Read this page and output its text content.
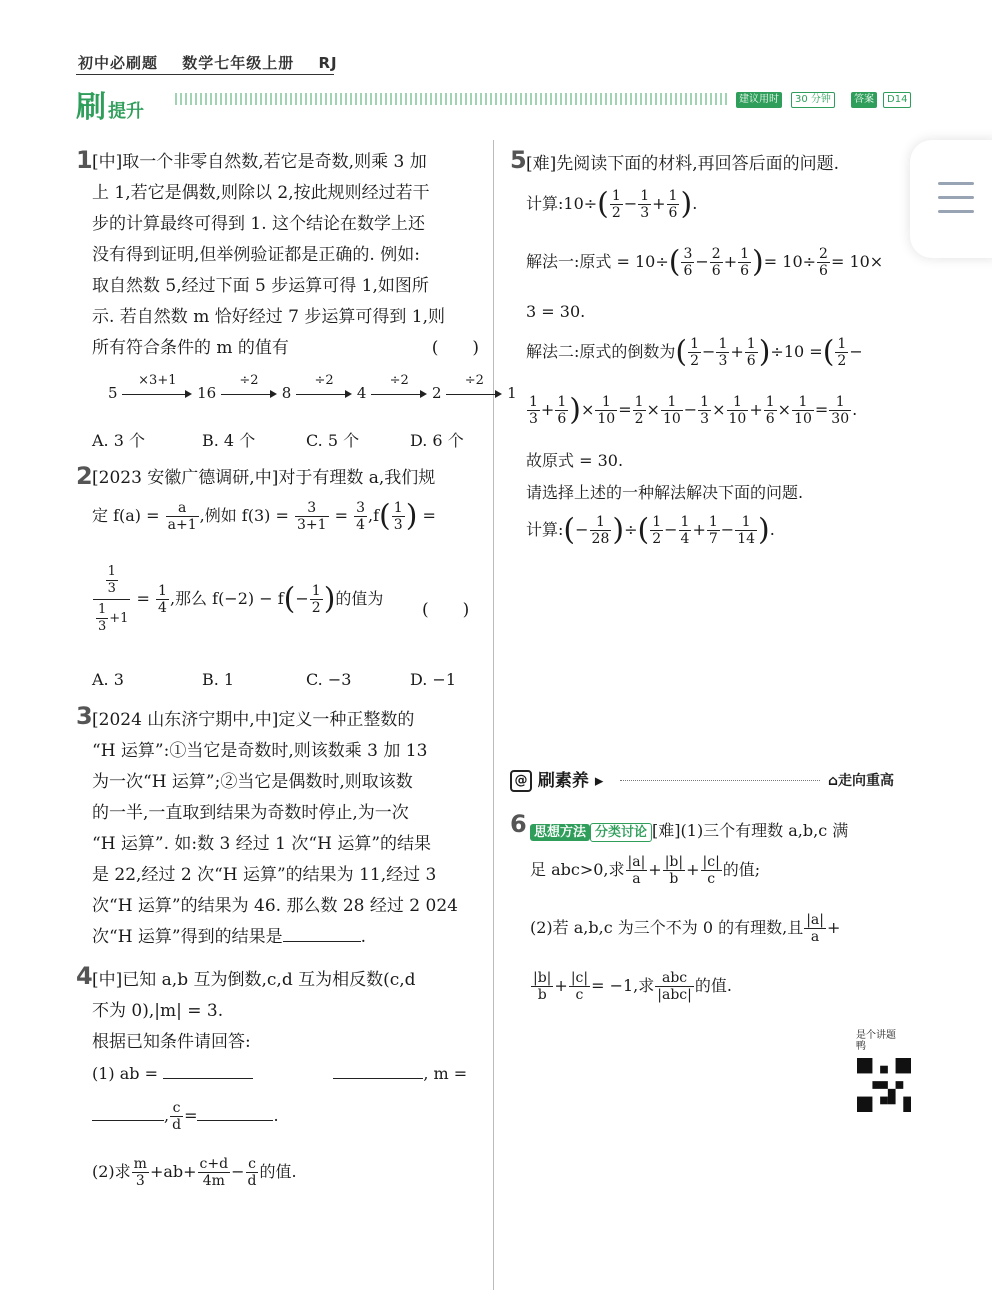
初中必刷题 数学七年级上册 RJ
刷提升
建议用时	30 分钟	答案	D14
1 [中]取一个非零自然数,若它是奇数,则乘 3 加
上 1,若它是偶数,则除以 2,按此规则经过若干
步的计算最终可得到 1. 这个结论在数学上还
没有得到证明,但举例验证都是正确的. 例如:
取自然数 5,经过下面 5 步运算可得 1,如图所
示. 若自然数 m 恰好经过 7 步运算可得到 1,则
所有符合条件的 m 的值有	(　　)
5
×3+1
16
÷2
8
÷2
4
÷2
2
÷2
1
A. 3 个	B. 4 个	C. 5 个	D. 6 个
2 [2023 安徽广德调研,中]对于有理数 a,我们规
定 $f(a) = \frac{a}{a+1}$ ,例如 $f(3) = \frac{3}{3+1} = \frac{3}{4} ,f( \frac{1}{3}$ ) =
$\frac{\frac{1}{3}}{\frac{1}{3} +1} = \frac{1}{4}$ ,那么 $f(-2) - f(- \frac{1}{2}$ )的值为
(　　)
A. 3	B. 1	C. −3	D. −1
3 [2024 山东济宁期中,中]定义一种正整数的
“H 运算”:①当它是奇数时,则该数乘 3 加 13
为一次“H 运算”;②当它是偶数时,则取该数
的一半,一直取到结果为奇数时停止,为一次
“H 运算”. 如:数 3 经过 1 次“H 运算”的结果
是 22,经过 2 次“H 运算”的结果为 11,经过 3
次“H 运算”的结果为 46. 那么数 28 经过 2 024
次“H 运算”得到的结果是	.
4 [中]已知 a,b 互为倒数,c,d 互为相反数(c,d
不为 0),|m| = 3.
根据已知条件请回答:
(1) ab =	, m =
, $\frac{c}{d}$ =	.
(2)求 $\frac{m}{3} +ab+ \frac{c+d}{4m} - \frac{c}{d}$ 的值.
5 [难]先阅读下面的材料,再回答后面的问题.
计算:10÷( $\frac{1}{2} - \frac{1}{3} + \frac{1}{6}$ ).
解法一:原式 = $10\div( \frac{3}{6} - \frac{2}{6} + \frac{1}{6}$ )= $10\div \frac{2}{6} = 10\times$
3 = 30.
解法二:原式的倒数为( $\frac{1}{2} - \frac{1}{3} + \frac{1}{6} )\div 10$ =( $\frac{1}{2}$ −
$\frac{1}{3} + \frac{1}{6}$ )× $\frac{1}{10} = \frac{1}{2} \times \frac{1}{10} - \frac{1}{3} \times \frac{1}{10} + \frac{1}{6} \times \frac{1}{10} = \frac{1}{30}$ .
故原式 = 30.
请选择上述的一种解法解决下面的问题.
计算:(− $\frac{1}{28}$ )÷( $\frac{1}{2} - \frac{1}{4} + \frac{1}{7} - \frac{1}{14}$ ).
@ 刷素养 ▸	⌂走向重高
6 思想方法 分类讨论 [难](1)三个有理数 a,b,c 满
足 abc>0,求 $\frac{|a|}{a} + \frac{|b|}{b} + \frac{|c|}{c}$ 的值;
(2)若 a,b,c 为三个不为 0 的有理数,且 $\frac{|a|}{a}$ +
$\frac{|b|}{b} + \frac{|c|}{c} = -1$,求 $\frac{\text{abc}}{\text{|abc|}}$ 的值.
是个讲题鸭
